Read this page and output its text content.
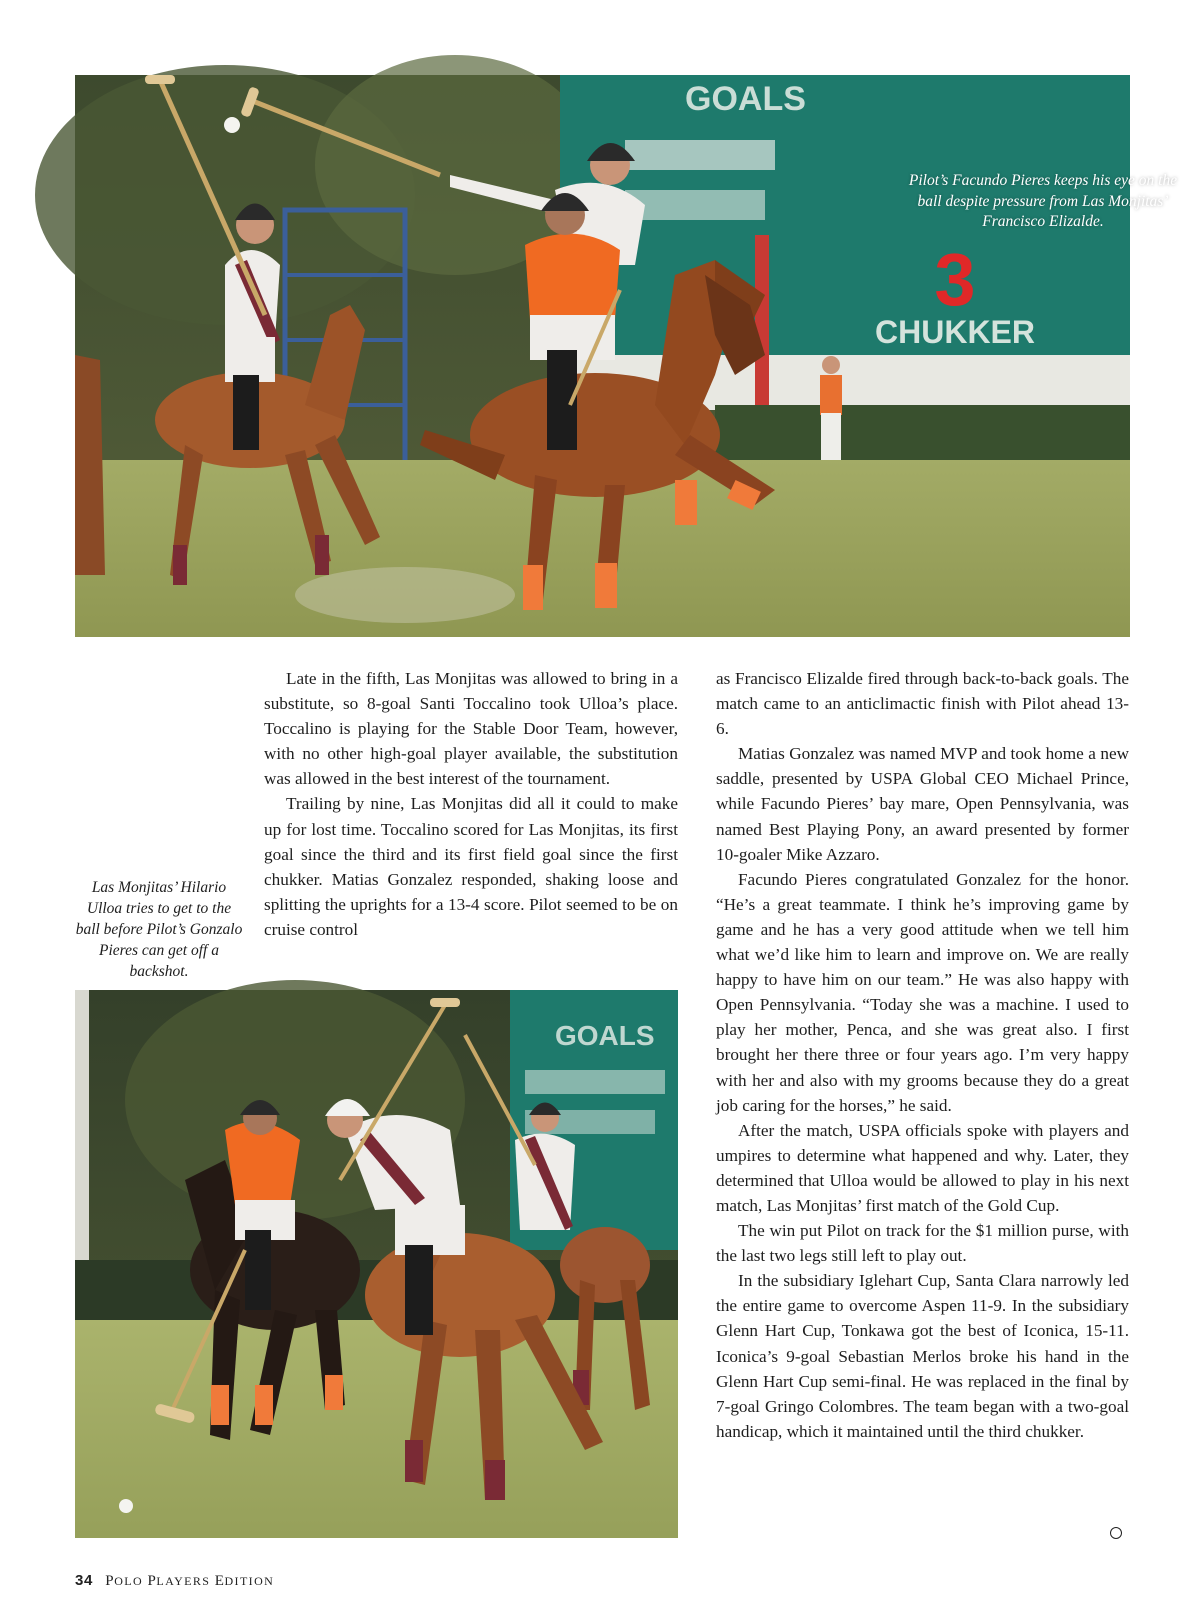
GOALS
3
CHUKKER
Pilot’s Facundo Pieres keeps his eye on the ball despite pressure from Las Monjitas’ Francisco Elizalde.
Las Monjitas’ Hilario Ulloa tries to get to the ball before Pilot’s Gonzalo Pieres can get off a backshot.
GOALS

Late in the fifth, Las Monjitas was allowed to bring in a substitute, so 8-goal Santi Toccalino took Ulloa’s place. Toccalino is playing for the Stable Door Team, however, with no other high-goal player available, the substitution was allowed in the best interest of the tournament.

Trailing by nine, Las Monjitas did all it could to make up for lost time. Toccalino scored for Las Monjitas, its first goal since the third and its first field goal since the first chukker. Matias Gonzalez responded, shaking loose and splitting the uprights for a 13-4 score. Pilot seemed to be on cruise control

as Francisco Elizalde fired through back-to-back goals. The match came to an anticlimactic finish with Pilot ahead 13-6.

Matias Gonzalez was named MVP and took home a new saddle, presented by USPA Global CEO Michael Prince, while Facundo Pieres’ bay mare, Open Pennsylvania, was named Best Playing Pony, an award presented by former 10-goaler Mike Azzaro.

Facundo Pieres congratulated Gonzalez for the honor. “He’s a great teammate. I think he’s improving game by game and he has a very good attitude when we tell him what we’d like him to learn and improve on. We are really happy to have him on our team.” He was also happy with Open Pennsylvania. “Today she was a machine. I used to play her mother, Penca, and she was great also. I first brought her there three or four years ago. I’m very happy with her and also with my grooms because they do a great job caring for the horses,” he said.

After the match, USPA officials spoke with players and umpires to determine what happened and why. Later, they determined that Ulloa would be allowed to play in his next match, Las Monjitas’ first match of the Gold Cup.

The win put Pilot on track for the $1 million purse, with the last two legs still left to play out.

In the subsidiary Iglehart Cup, Santa Clara narrowly led the entire game to overcome Aspen 11-9. In the subsidiary Glenn Hart Cup, Tonkawa got the best of Iconica, 15-11. Iconica’s 9-goal Sebastian Merlos broke his hand in the Glenn Hart Cup semi-final. He was replaced in the final by 7-goal Gringo Colombres. The team began with a two-goal handicap, which it maintained until the third chukker.

34 POLO PLAYERS EDITION
